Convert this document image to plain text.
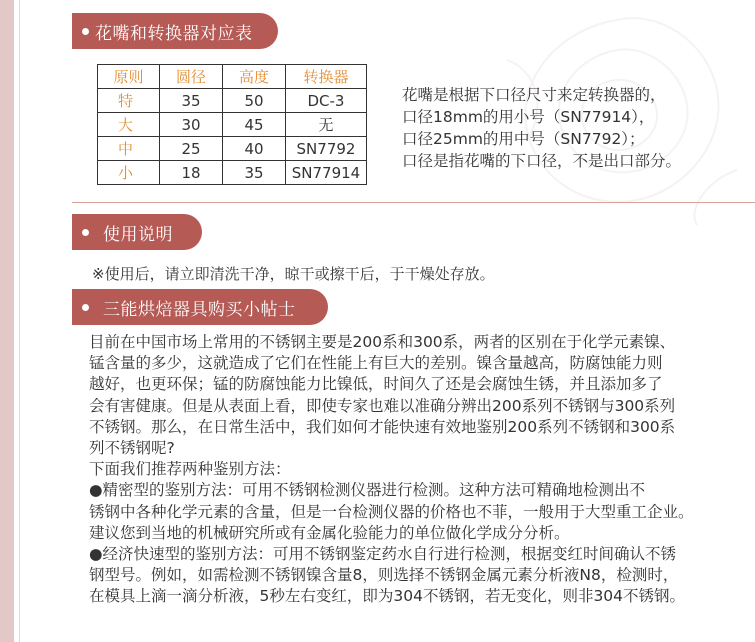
花嘴和转换器对应表
原则	圆径	高度	转换器
特	35	50	DC-3
大	30	45	无
中	25	40	SN7792
小	18	35	SN77914
花嘴是根据下口径尺寸来定转换器的，
口径18mm的用小号（SN77914），
口径25mm的用中号（SN7792）；
口径是指花嘴的下口径，不是出口部分。
使用说明
※使用后，请立即清洗干净，晾干或擦干后，于干燥处存放。
三能烘焙器具购买小帖士
目前在中国市场上常用的不锈钢主要是200系和300系，两者的区别在于化学元素镍、
锰含量的多少，这就造成了它们在性能上有巨大的差别。镍含量越高，防腐蚀能力则
越好，也更环保；锰的防腐蚀能力比镍低，时间久了还是会腐蚀生锈，并且添加多了
会有害健康。但是从表面上看，即使专家也难以准确分辨出200系列不锈钢与300系列
不锈钢。那么，在日常生活中，我们如何才能快速有效地鉴别200系列不锈钢和300系
列不锈钢呢?
下面我们推荐两种鉴别方法：
●精密型的鉴别方法：可用不锈钢检测仪器进行检测。这种方法可精确地检测出不
锈钢中各种化学元素的含量，但是一台检测仪器的价格也不菲，一般用于大型重工企业。
建议您到当地的机械研究所或有金属化验能力的单位做化学成分分析。
●经济快速型的鉴别方法：可用不锈钢鉴定药水自行进行检测，根据变红时间确认不锈
钢型号。例如，如需检测不锈钢镍含量8，则选择不锈钢金属元素分析液N8，检测时，
在模具上滴一滴分析液，5秒左右变红，即为304不锈钢，若无变化，则非304不锈钢。
